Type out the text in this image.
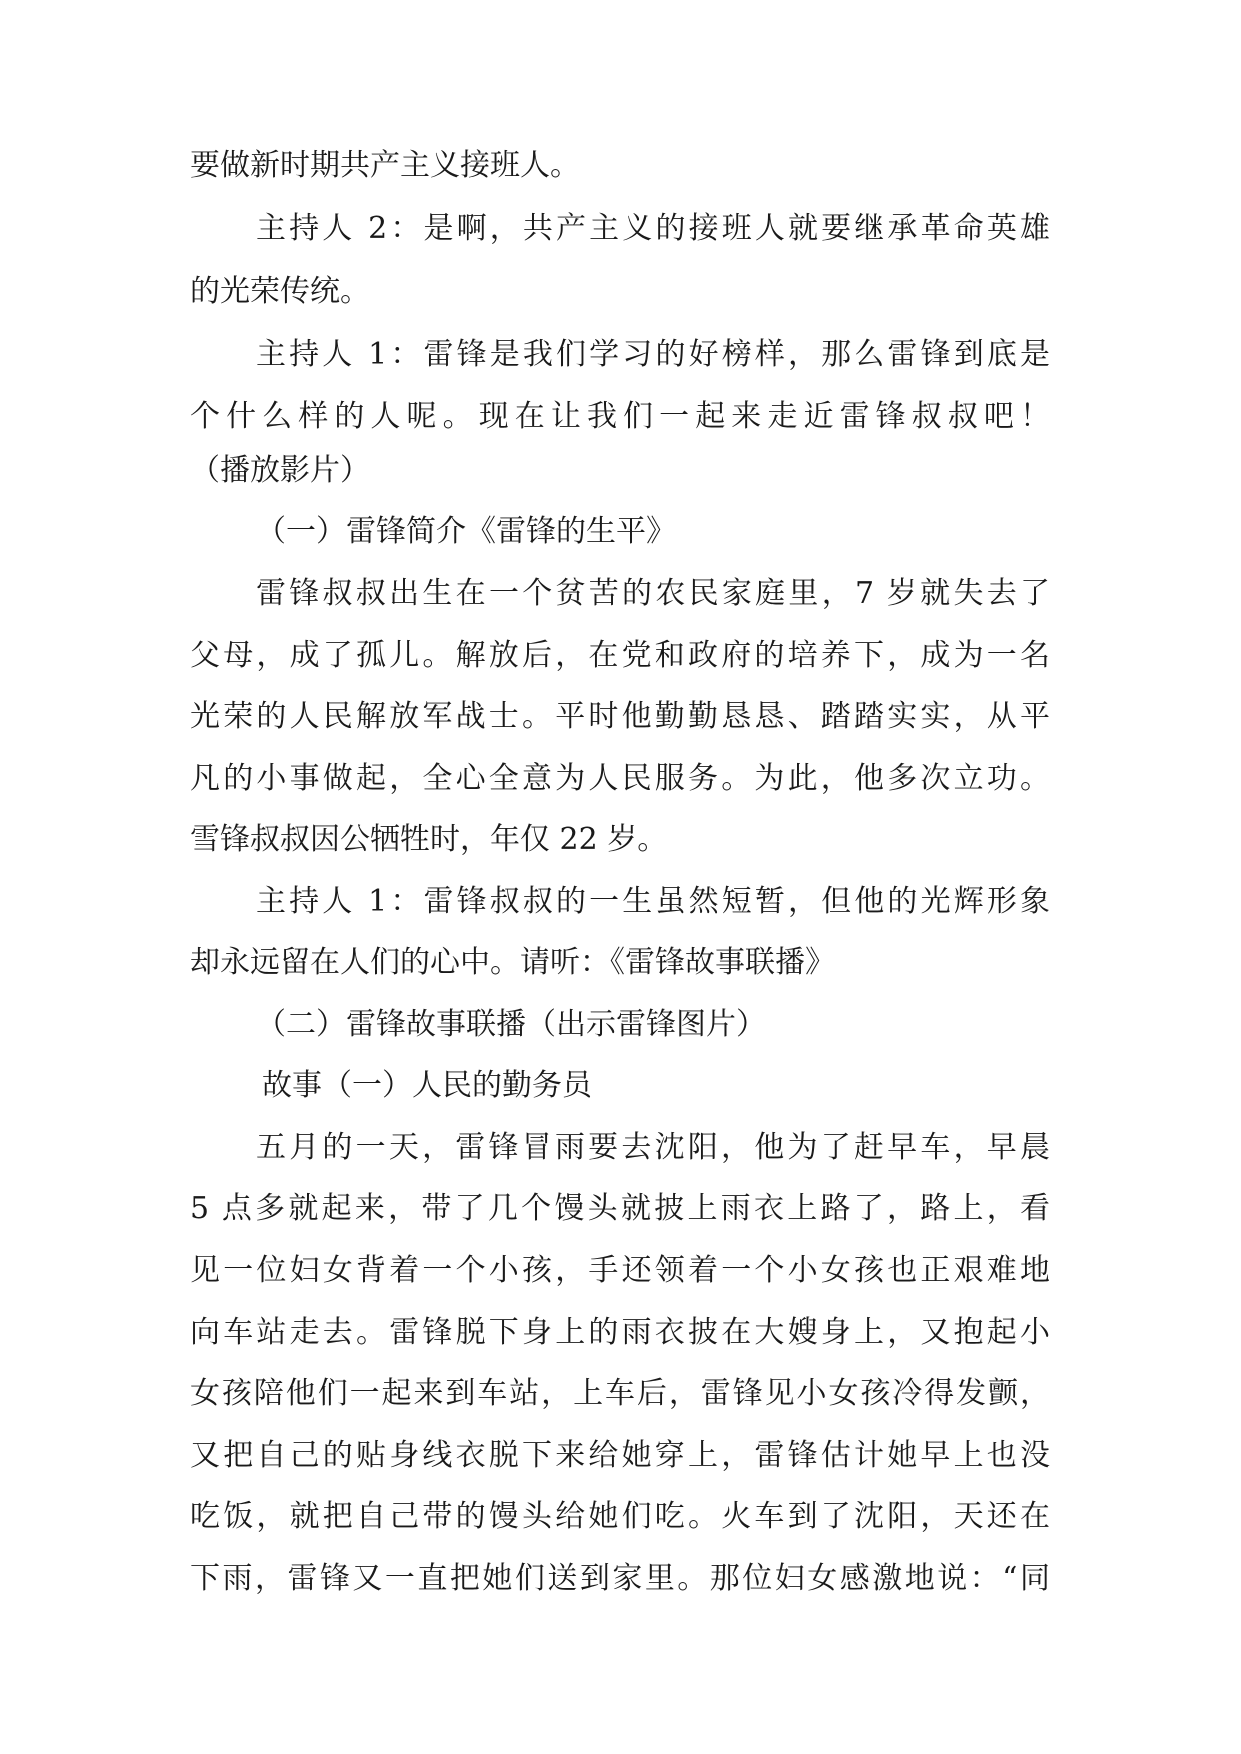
要做新时期共产主义接班人。

主持人 2：是啊，共产主义的接班人就要继承革命英雄

的光荣传统。

主持人 1：雷锋是我们学习的好榜样，那么雷锋到底是

个什么样的人呢。现在让我们一起来走近雷锋叔叔吧！

（播放影片）

（一）雷锋简介《雷锋的生平》

雷锋叔叔出生在一个贫苦的农民家庭里，7 岁就失去了

父母，成了孤儿。解放后，在党和政府的培养下，成为一名

光荣的人民解放军战士。平时他勤勤恳恳、踏踏实实，从平

凡的小事做起，全心全意为人民服务。为此，他多次立功。

雪锋叔叔因公牺牲时，年仅 22 岁。

主持人 1：雷锋叔叔的一生虽然短暂，但他的光辉形象

却永远留在人们的心中。请听：《雷锋故事联播》

（二）雷锋故事联播（出示雷锋图片）

故事（一）人民的勤务员

五月的一天，雷锋冒雨要去沈阳，他为了赶早车，早晨

5 点多就起来，带了几个馒头就披上雨衣上路了，路上，看

见一位妇女背着一个小孩，手还领着一个小女孩也正艰难地

向车站走去。雷锋脱下身上的雨衣披在大嫂身上，又抱起小

女孩陪他们一起来到车站，上车后，雷锋见小女孩冷得发颤，

又把自己的贴身线衣脱下来给她穿上，雷锋估计她早上也没

吃饭，就把自己带的馒头给她们吃。火车到了沈阳，天还在

下雨，雷锋又一直把她们送到家里。那位妇女感激地说：“同
